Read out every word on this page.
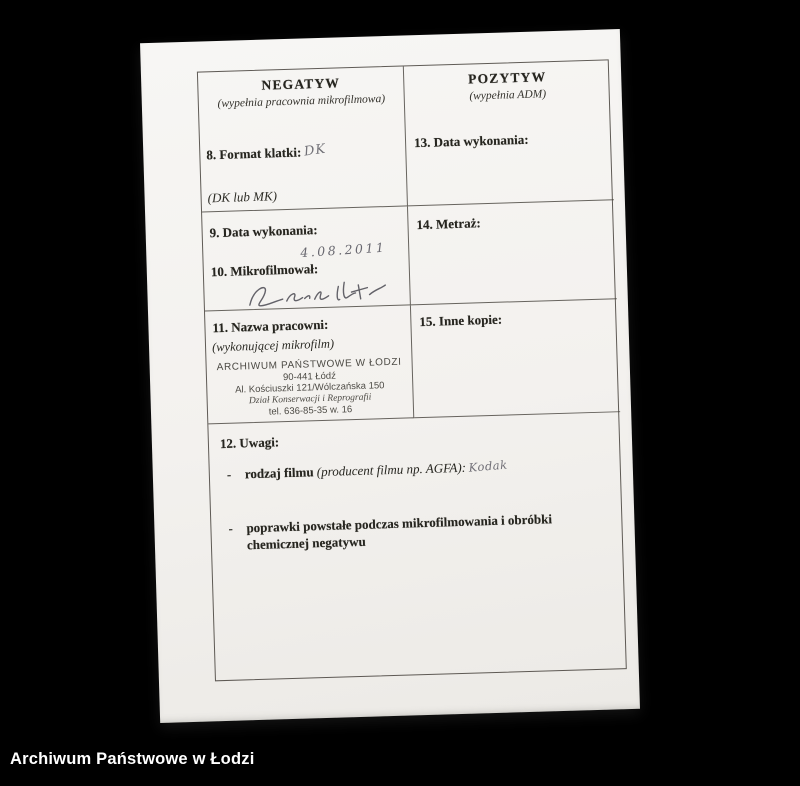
NEGATYW
(wypełnia pracownia mikrofilmowa)
8. Format klatki: DK
(DK lub MK)
POZYTYW
(wypełnia ADM)
13. Data wykonania:
9. Data wykonania:
4.08.2011
10. Mikrofilmował:
14. Metraż:
11. Nazwa pracowni:
(wykonującej mikrofilm)
ARCHIWUM PAŃSTWOWE W ŁODZI
90-441 Łódź
Al. Kościuszki 121/Wólczańska 150
Dział Konserwacji i Reprografii
tel. 636-85-35 w. 16
15. Inne kopie:
12. Uwagi:
- rodzaj filmu (producent filmu np. AGFA): Kodak
- poprawki powstałe podczas mikrofilmowania i obróbki chemicznej negatywu
Archiwum Państwowe w Łodzi
